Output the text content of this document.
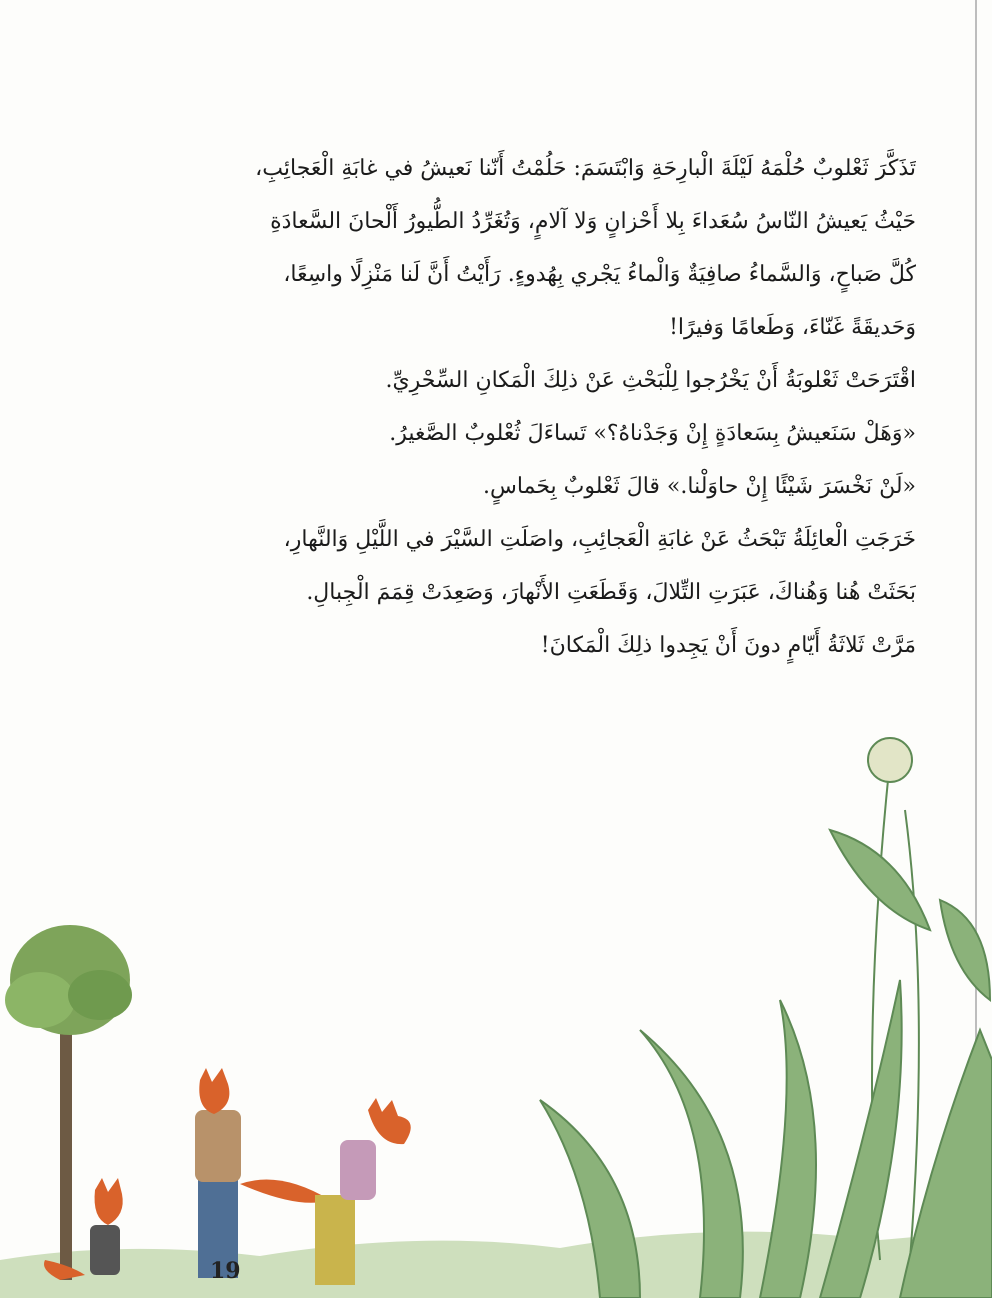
تَذَكَّرَ ثَعْلوبٌ حُلْمَهُ لَيْلَةَ الْبارِحَةِ وَابْتَسَمَ: حَلُمْتُ أَنّنا نَعيشُ في غابَةِ الْعَجائِبِ،
حَيْثُ يَعيشُ النّاسُ سُعَداءَ بِلا أَحْزانٍ وَلا آلامٍ، وَتُغَرِّدُ الطُّيورُ أَلْحانَ السَّعادَةِ
كُلَّ صَباحٍ، وَالسَّماءُ صافِيَةٌ وَالْماءُ يَجْري بِهُدوءٍ. رَأَيْتُ أَنَّ لَنا مَنْزِلًا واسِعًا،
وَحَديقَةً غَنّاءَ، وَطَعامًا وَفيرًا!
اقْتَرَحَتْ ثَعْلوبَةُ أَنْ يَخْرُجوا لِلْبَحْثِ عَنْ ذلِكَ الْمَكانِ السِّحْرِيِّ.
«وَهَلْ سَنَعيشُ بِسَعادَةٍ إِنْ وَجَدْناهُ؟» تَساءَلَ ثُعْلوبٌ الصَّغيرُ.
«لَنْ نَخْسَرَ شَيْئًا إِنْ حاوَلْنا.» قالَ ثَعْلوبٌ بِحَماسٍ.
خَرَجَتِ الْعائِلَةُ تَبْحَثُ عَنْ غابَةِ الْعَجائِبِ، واصَلَتِ السَّيْرَ في اللَّيْلِ وَالنَّهارِ،
بَحَثَتْ هُنا وَهُناكَ، عَبَرَتِ التِّلالَ، وَقَطَعَتِ الأَنْهارَ، وَصَعِدَتْ قِمَمَ الْجِبالِ.
مَرَّتْ ثَلاثَةُ أَيّامٍ دونَ أَنْ يَجِدوا ذلِكَ الْمَكانَ!
19
